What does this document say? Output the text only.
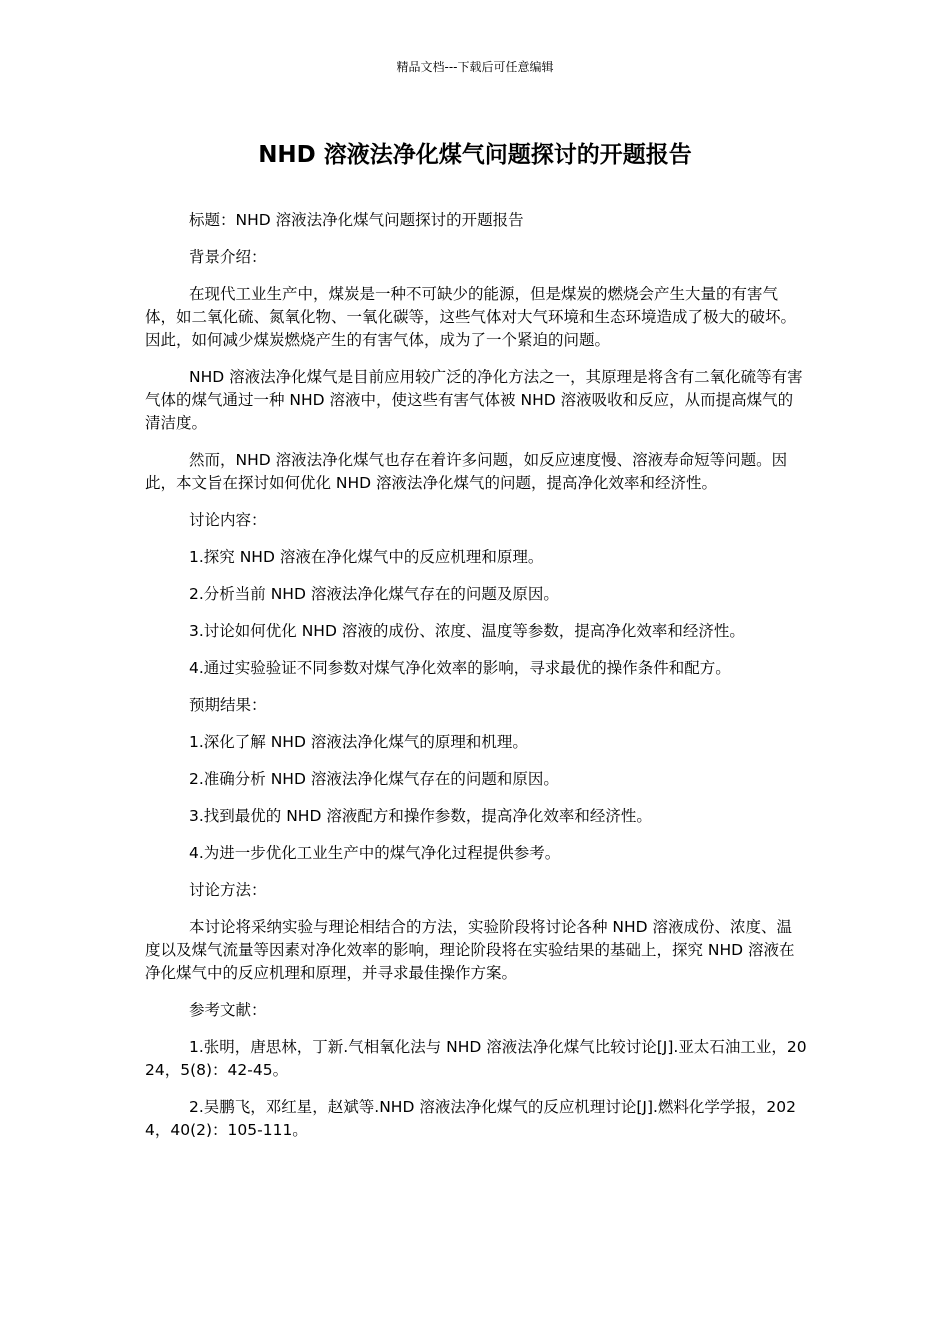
精品文档---下载后可任意编辑
NHD 溶液法净化煤气问题探讨的开题报告

标题：NHD 溶液法净化煤气问题探讨的开题报告

背景介绍：

在现代工业生产中，煤炭是一种不可缺少的能源，但是煤炭的燃烧会产生大量的有害气体，如二氧化硫、氮氧化物、一氧化碳等，这些气体对大气环境和生态环境造成了极大的破坏。因此，如何减少煤炭燃烧产生的有害气体，成为了一个紧迫的问题。

NHD 溶液法净化煤气是目前应用较广泛的净化方法之一，其原理是将含有二氧化硫等有害气体的煤气通过一种 NHD 溶液中，使这些有害气体被 NHD 溶液吸收和反应，从而提高煤气的清洁度。

然而，NHD 溶液法净化煤气也存在着许多问题，如反应速度慢、溶液寿命短等问题。因此，本文旨在探讨如何优化 NHD 溶液法净化煤气的问题，提高净化效率和经济性。

讨论内容：

1.探究 NHD 溶液在净化煤气中的反应机理和原理。

2.分析当前 NHD 溶液法净化煤气存在的问题及原因。

3.讨论如何优化 NHD 溶液的成份、浓度、温度等参数，提高净化效率和经济性。

4.通过实验验证不同参数对煤气净化效率的影响，寻求最优的操作条件和配方。

预期结果：

1.深化了解 NHD 溶液法净化煤气的原理和机理。

2.准确分析 NHD 溶液法净化煤气存在的问题和原因。

3.找到最优的 NHD 溶液配方和操作参数，提高净化效率和经济性。

4.为进一步优化工业生产中的煤气净化过程提供参考。

讨论方法：

本讨论将采纳实验与理论相结合的方法，实验阶段将讨论各种 NHD 溶液成份、浓度、温度以及煤气流量等因素对净化效率的影响，理论阶段将在实验结果的基础上，探究 NHD 溶液在净化煤气中的反应机理和原理，并寻求最佳操作方案。

参考文献：

1.张明，唐思林，丁新.气相氧化法与 NHD 溶液法净化煤气比较讨论[J].亚太石油工业，2024，5(8)：42-45。

2.吴鹏飞，邓红星，赵斌等.NHD 溶液法净化煤气的反应机理讨论[J].燃料化学学报，2024，40(2)：105-111。
